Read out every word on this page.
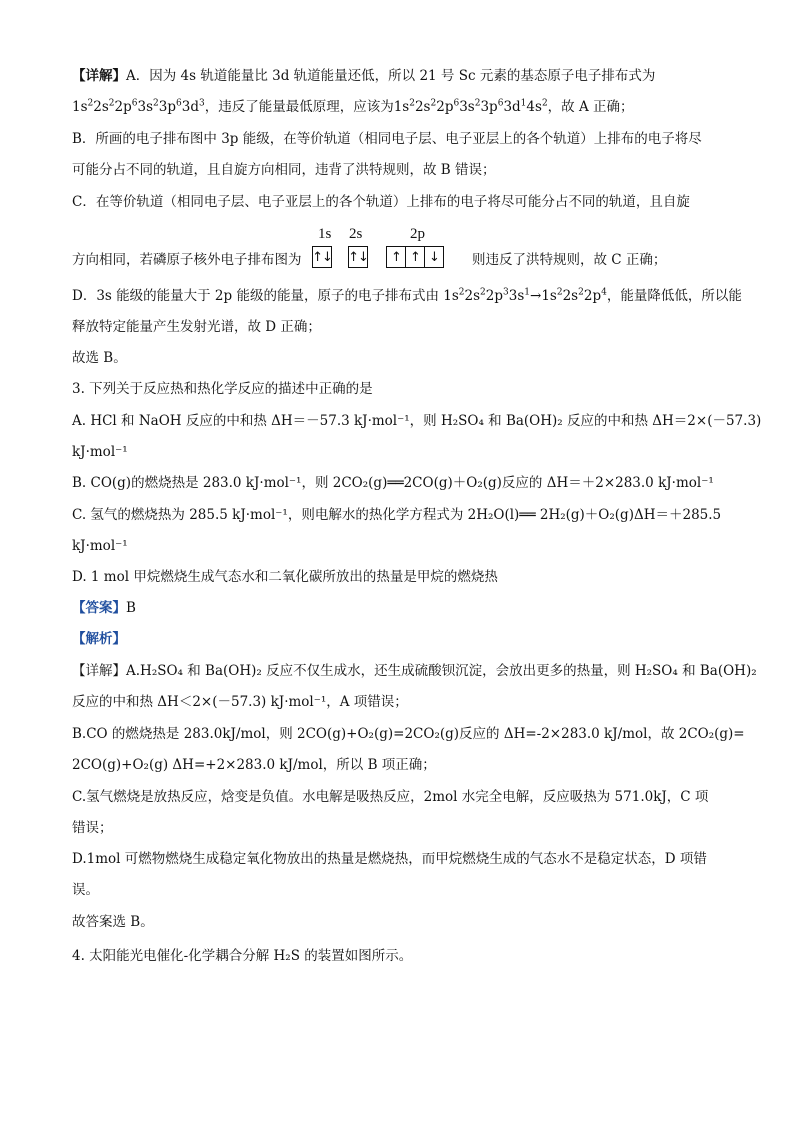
【详解】A．因为 4s 轨道能量比 3d 轨道能量还低，所以 21 号 Sc 元素的基态原子电子排布式为
$1s^22s^22p^63s^23p^63d^3$，违反了能量最低原理，应该为$1s^22s^22p^63s^23p^63d^14s^2$，故 A 正确；
B．所画的电子排布图中 3p 能级，在等价轨道（相同电子层、电子亚层上的各个轨道）上排布的电子将尽
可能分占不同的轨道，且自旋方向相同，违背了洪特规则，故 B 错误；
C．在等价轨道（相同电子层、电子亚层上的各个轨道）上排布的电子将尽可能分占不同的轨道，且自旋
方向相同，若磷原子核外电子排布图为
1s 2s	2p
↑↓ ↑↓	↑ ↑ ↓	则违反了洪特规则，故 C 正确；
D．3s 能级的能量大于 2p 能级的能量，原子的电子排布式由 $1s^22s^22p^33s^1\to 1s^22s^22p^4$，能量降低低，所以能
释放特定能量产生发射光谱，故 D 正确；
故选 B。
3. 下列关于反应热和热化学反应的描述中正确的是
A. HCl 和 NaOH 反应的中和热 ΔH＝－57.3 kJ·mol⁻¹，则 H₂SO₄ 和 Ba(OH)₂ 反应的中和热 ΔH＝2×(－57.3)
kJ·mol⁻¹
B. CO(g)的燃烧热是 283.0 kJ·mol⁻¹，则 2CO₂(g)══2CO(g)＋O₂(g)反应的 ΔH＝＋2×283.0 kJ·mol⁻¹
C. 氢气的燃烧热为 285.5 kJ·mol⁻¹，则电解水的热化学方程式为 2H₂O(l)══ 2H₂(g)＋O₂(g)ΔH＝＋285.5
kJ·mol⁻¹
D. 1 mol 甲烷燃烧生成气态水和二氧化碳所放出的热量是甲烷的燃烧热
【答案】B
【解析】
【详解】A.H₂SO₄ 和 Ba(OH)₂ 反应不仅生成水，还生成硫酸钡沉淀，会放出更多的热量，则 H₂SO₄ 和 Ba(OH)₂
反应的中和热 ΔH＜2×(－57.3) kJ·mol⁻¹，A 项错误；
B.CO 的燃烧热是 283.0kJ/mol，则 2CO(g)+O₂(g)=2CO₂(g)反应的 ΔH=-2×283.0 kJ/mol，故 2CO₂(g)=
2CO(g)+O₂(g) ΔH=+2×283.0 kJ/mol，所以 B 项正确；
C.氢气燃烧是放热反应，焓变是负值。水电解是吸热反应，2mol 水完全电解，反应吸热为 571.0kJ，C 项
错误；
D.1mol 可燃物燃烧生成稳定氧化物放出的热量是燃烧热，而甲烷燃烧生成的气态水不是稳定状态，D 项错
误。
故答案选 B。
4. 太阳能光电催化-化学耦合分解 H₂S 的装置如图所示。
